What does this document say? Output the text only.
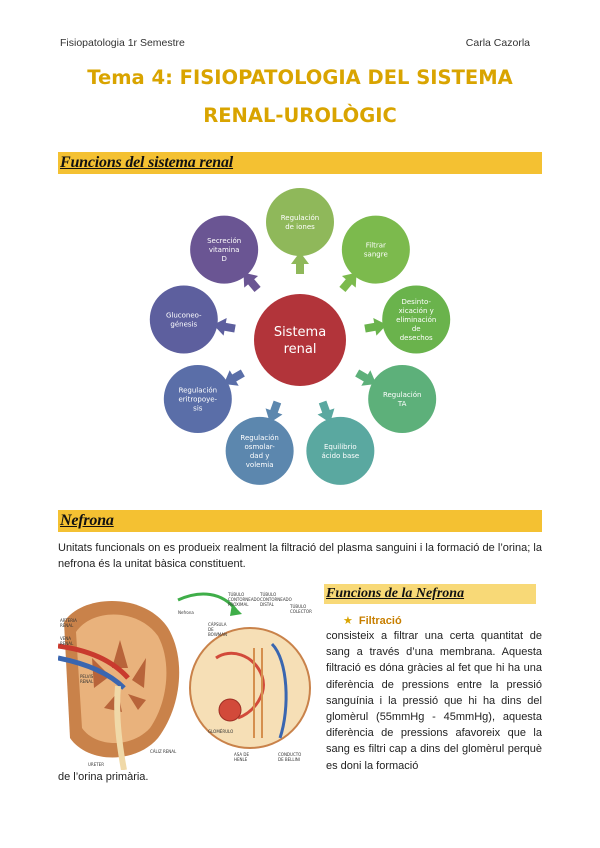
Fisiopatologia 1r Semestre	Carla Cazorla
Tema 4: FISIOPATOLOGIA DEL SISTEMA
RENAL-UROLÒGIC
Funcions del sistema renal
Regulación
de iones
Filtrar
sangre
Desinto-
xicación y
eliminación
de
desechos
Regulación
TA
Equilibrio
ácido base
Regulación
osmolar-
dad y
volemia
Regulación
eritropoye-
sis
Gluconeo-
génesis
Secreción
vitamina
D
Sistema
renal
Nefrona
Unitats funcionals on es produeix realment la filtració del plasma sanguini i la formació de l’orina; la nefrona és la unitat bàsica constituent.
ARTERIA
RENAL
VENA
RENAL
PELVIS
RENAL
URETER
CÁLIZ RENAL
Nefrona
CÁPSULA
DE
BOWMAN
GLOMÉRULO
ASA DE
HENLE
CONDUCTO
DE BELLINI
TÚBULO
CONTORNEADO
PROXIMAL
TÚBULO
CONTORNEADO
DISTAL	TÚBULO
COLECTOR
Funcions de la Nefrona
★ Filtració
consisteix a filtrar una certa quantitat de sang a través d’una membrana. Aquesta filtració es dóna gràcies al fet que hi ha una diferència de pressions entre la pressió sanguínia i la pressió que hi ha dins del glomèrul (55mmHg - 45mmHg), aquesta diferència de pressions afavoreix que la sang es filtri cap a dins del glomèrul perquè es doni la formació
de l’orina primària.
